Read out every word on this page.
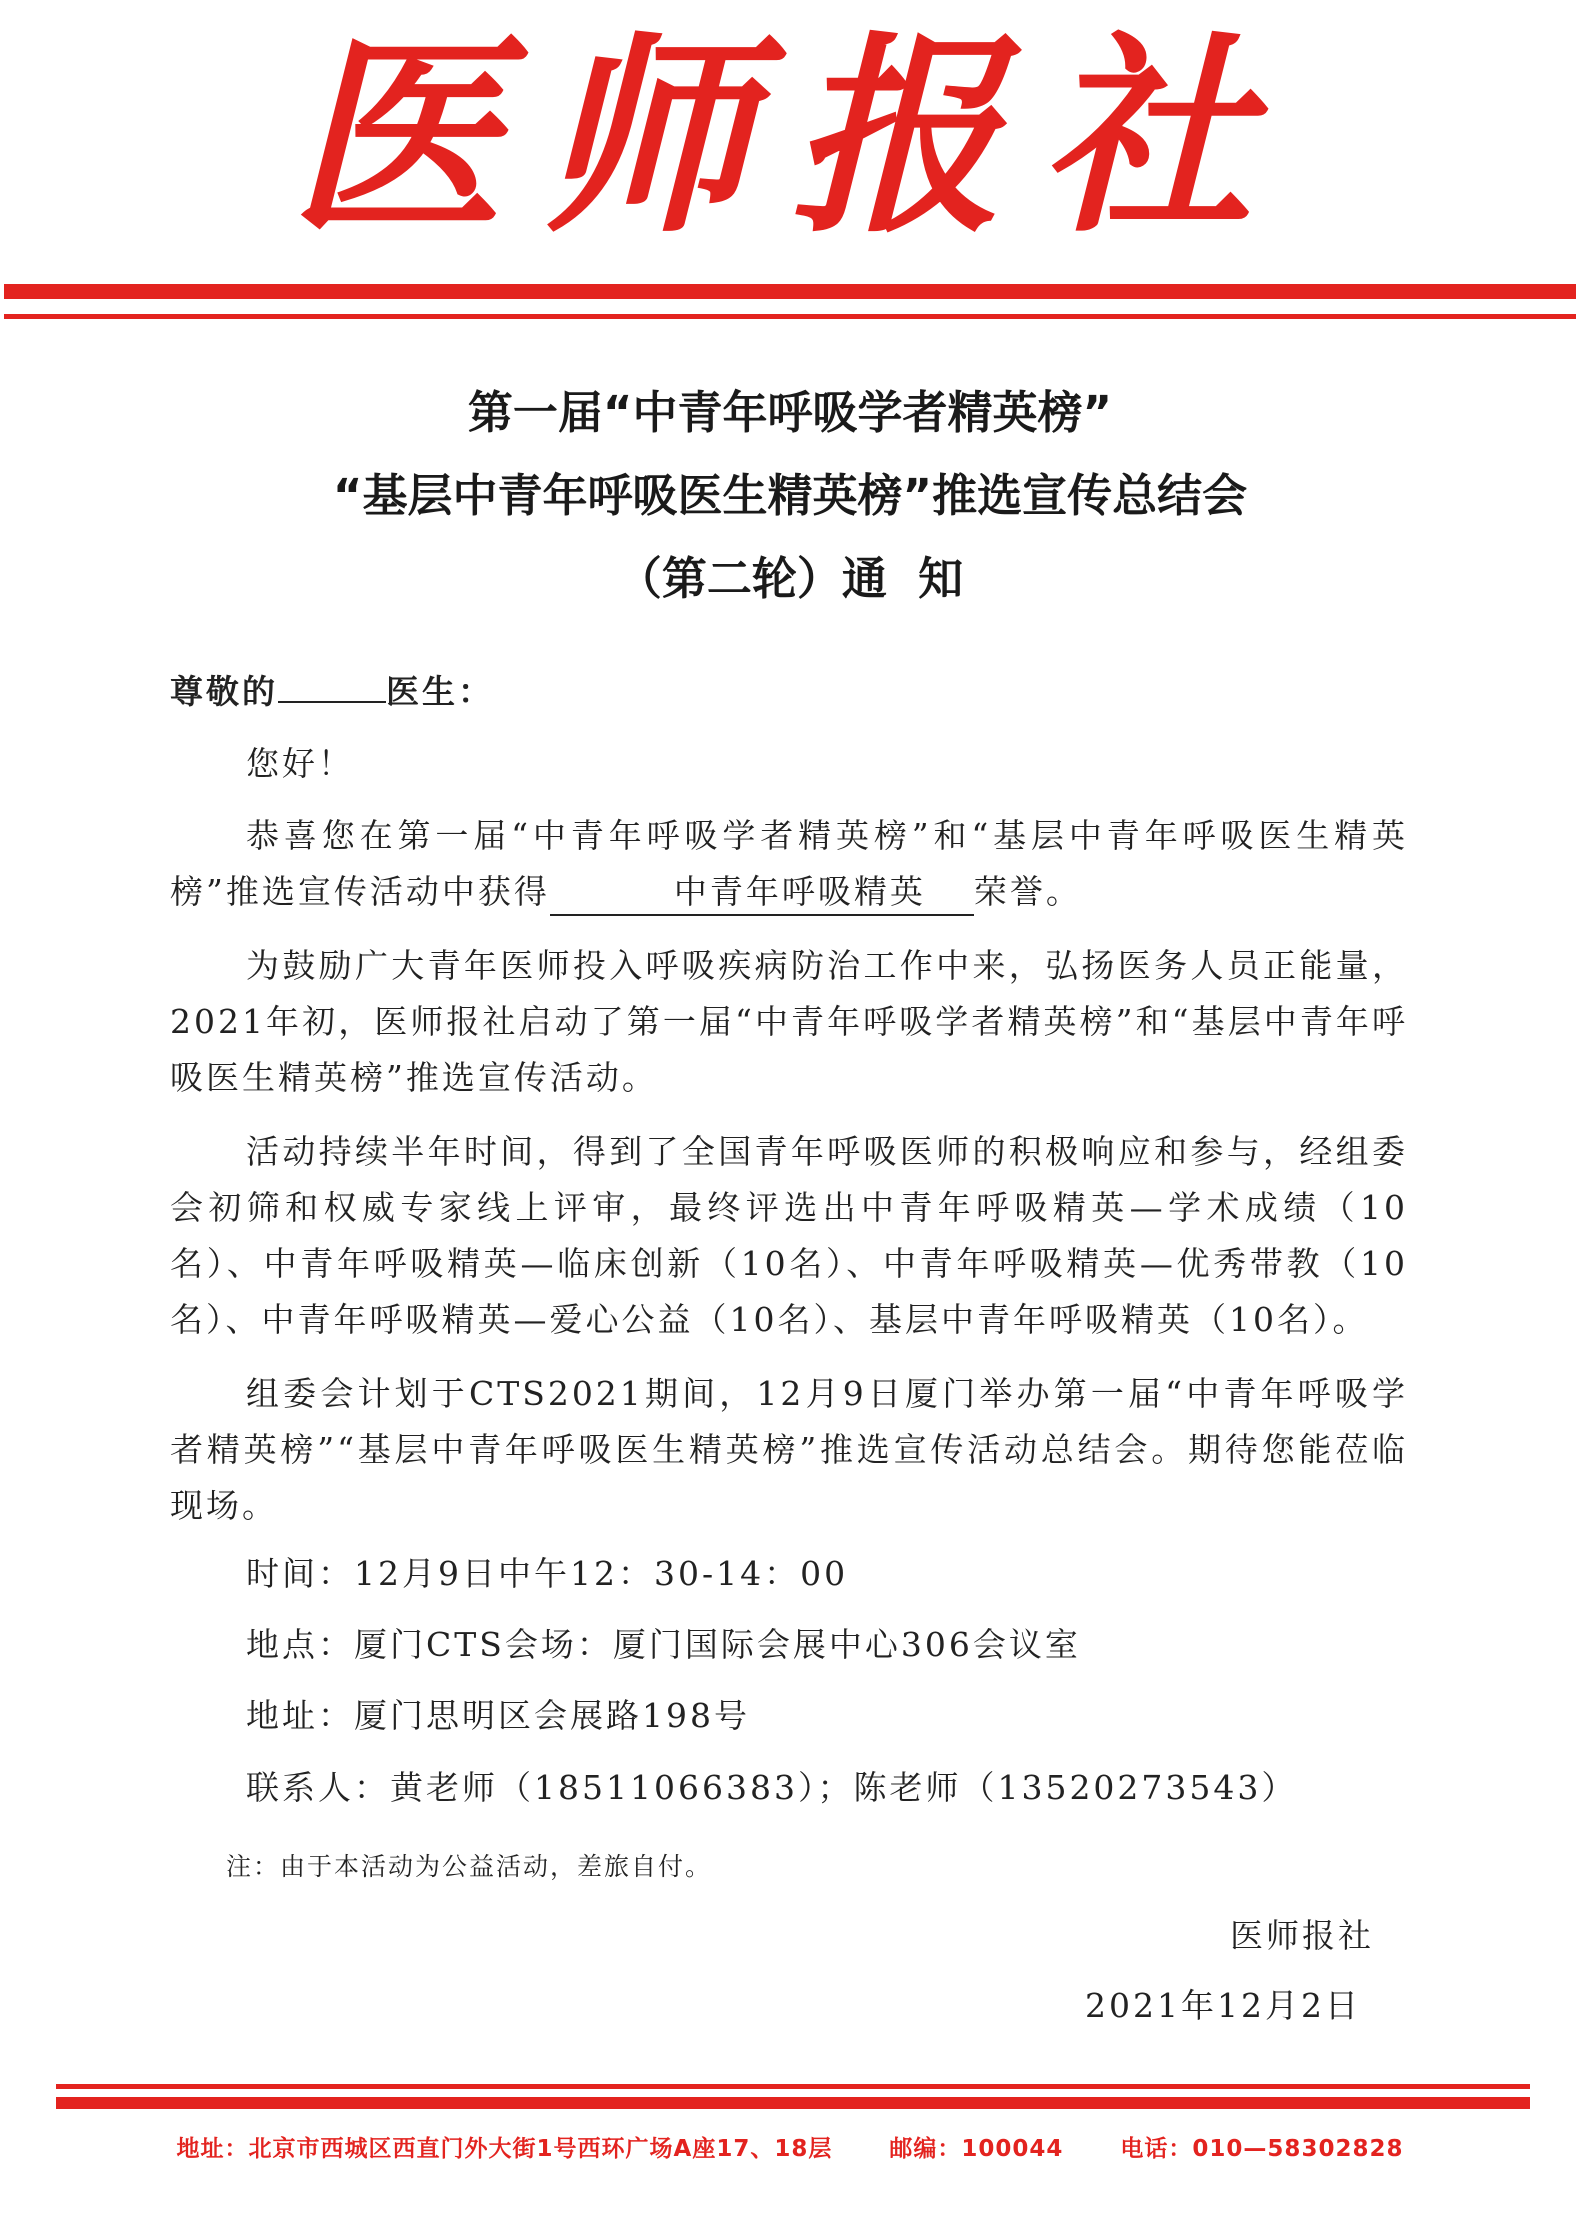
医师报社
第一届“中青年呼吸学者精英榜”
“基层中青年呼吸医生精英榜”推选宣传总结会
（第二轮）通  知
尊敬的	医生：
您好！
恭喜您在第一届“中青年呼吸学者精英榜”和“基层中青年呼吸医生精英榜”推选宣传活动中获得	中青年呼吸精英 荣誉。
为鼓励广大青年医师投入呼吸疾病防治工作中来，弘扬医务人员正能量，2021年初，医师报社启动了第一届“中青年呼吸学者精英榜”和“基层中青年呼吸医生精英榜”推选宣传活动。
活动持续半年时间，得到了全国青年呼吸医师的积极响应和参与，经组委会初筛和权威专家线上评审，最终评选出中青年呼吸精英—学术成绩（10名）、中青年呼吸精英—临床创新（10名）、中青年呼吸精英—优秀带教（10名）、中青年呼吸精英—爱心公益（10名）、基层中青年呼吸精英（10名）。
组委会计划于CTS2021期间，12月9日厦门举办第一届“中青年呼吸学者精英榜”“基层中青年呼吸医生精英榜”推选宣传活动总结会。期待您能莅临现场。
时间：12月9日中午12：30-14：00
地点：厦门CTS会场：厦门国际会展中心306会议室
地址：厦门思明区会展路198号
联系人：黄老师（18511066383）；陈老师（13520273543）
注：由于本活动为公益活动，差旅自付。
医师报社
2021年12月2日
地址：北京市西城区西直门外大街1号西环广场A座17、18层 邮编：100044 电话：010—58302828
